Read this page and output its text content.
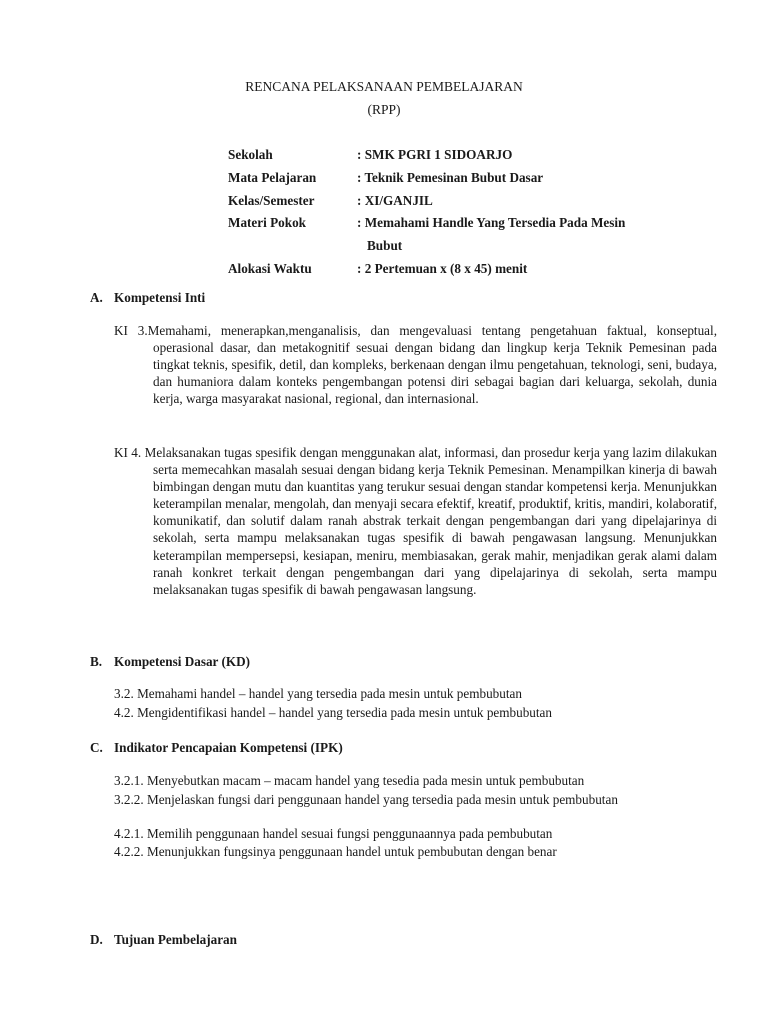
RENCANA PELAKSANAAN PEMBELAJARAN
(RPP)
Sekolah	: SMK PGRI 1 SIDOARJO
Mata Pelajaran	: Teknik Pemesinan Bubut Dasar
Kelas/Semester	: XI/GANJIL
Materi Pokok	: Memahami Handle Yang Tersedia Pada Mesin
Bubut
Alokasi Waktu	: 2 Pertemuan x (8 x 45) menit
A. Kompetensi Inti
KI 3.Memahami, menerapkan,menganalisis, dan mengevaluasi tentang pengetahuan faktual, konseptual, operasional dasar, dan metakognitif sesuai dengan bidang dan lingkup kerja Teknik Pemesinan pada tingkat teknis, spesifik, detil, dan kompleks, berkenaan dengan ilmu pengetahuan, teknologi, seni, budaya, dan humaniora dalam konteks pengembangan potensi diri sebagai bagian dari keluarga, sekolah, dunia kerja, warga masyarakat nasional, regional, dan internasional.
KI 4. Melaksanakan tugas spesifik dengan menggunakan alat, informasi, dan prosedur kerja yang lazim dilakukan serta memecahkan masalah sesuai dengan bidang kerja Teknik Pemesinan. Menampilkan kinerja di bawah bimbingan dengan mutu dan kuantitas yang terukur sesuai dengan standar kompetensi kerja. Menunjukkan keterampilan menalar, mengolah, dan menyaji secara efektif, kreatif, produktif, kritis, mandiri, kolaboratif, komunikatif, dan solutif dalam ranah abstrak terkait dengan pengembangan dari yang dipelajarinya di sekolah, serta mampu melaksanakan tugas spesifik di bawah pengawasan langsung. Menunjukkan keterampilan mempersepsi, kesiapan, meniru, membiasakan, gerak mahir, menjadikan gerak alami dalam ranah konkret terkait dengan pengembangan dari yang dipelajarinya di sekolah, serta mampu melaksanakan tugas spesifik di bawah pengawasan langsung.
B. Kompetensi Dasar (KD)
3.2. Memahami handel – handel yang tersedia pada mesin untuk pembubutan
4.2. Mengidentifikasi handel – handel yang tersedia pada mesin untuk pembubutan
C. Indikator Pencapaian Kompetensi (IPK)
3.2.1. Menyebutkan macam – macam handel yang tesedia pada mesin untuk pembubutan
3.2.2. Menjelaskan fungsi dari penggunaan handel yang tersedia pada mesin untuk pembubutan
4.2.1. Memilih penggunaan handel sesuai fungsi penggunaannya pada pembubutan
4.2.2. Menunjukkan fungsinya penggunaan handel untuk pembubutan dengan benar
D. Tujuan Pembelajaran
